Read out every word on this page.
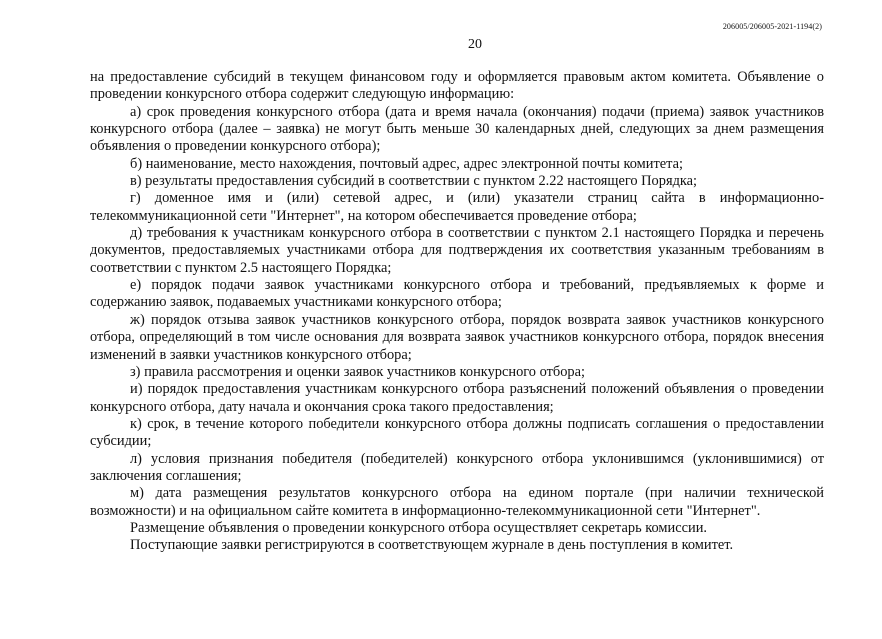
206005/206005-2021-1194(2)
20

на предоставление субсидий в текущем финансовом году и оформляется правовым актом комитета. Объявление о проведении конкурсного отбора содержит следующую информацию:

а) срок проведения конкурсного отбора (дата и время начала (окончания) подачи (приема) заявок участников конкурсного отбора (далее – заявка) не могут быть меньше 30 календарных дней, следующих за днем размещения объявления о проведении конкурсного отбора);

б) наименование, место нахождения, почтовый адрес, адрес электронной почты комитета;

в) результаты предоставления субсидий в соответствии с пунктом 2.22 настоящего Порядка;

г) доменное имя и (или) сетевой адрес, и (или) указатели страниц сайта в информационно-телекоммуникационной сети "Интернет", на котором обеспечивается проведение отбора;

д) требования к участникам конкурсного отбора в соответствии с пунктом 2.1 настоящего Порядка и перечень документов, предоставляемых участниками отбора для подтверждения их соответствия указанным требованиям в соответствии с пунктом 2.5 настоящего Порядка;

е) порядок подачи заявок участниками конкурсного отбора и требований, предъявляемых к форме и содержанию заявок, подаваемых участниками конкурсного отбора;

ж) порядок отзыва заявок участников конкурсного отбора, порядок возврата заявок участников конкурсного отбора, определяющий в том числе основания для возврата заявок участников конкурсного отбора, порядок внесения изменений в заявки участников конкурсного отбора;

з) правила рассмотрения и оценки заявок участников конкурсного отбора;

и) порядок предоставления участникам конкурсного отбора разъяснений положений объявления о проведении конкурсного отбора, дату начала и окончания срока такого предоставления;

к) срок, в течение которого победители конкурсного отбора должны подписать соглашения о предоставлении субсидии;

л) условия признания победителя (победителей) конкурсного отбора уклонившимся (уклонившимися) от заключения соглашения;

м) дата размещения результатов конкурсного отбора на едином портале (при наличии технической возможности) и на официальном сайте комитета в информационно-телекоммуникационной сети "Интернет".

Размещение объявления о проведении конкурсного отбора осуществляет секретарь комиссии.

Поступающие заявки регистрируются в соответствующем журнале в день поступления в комитет.
